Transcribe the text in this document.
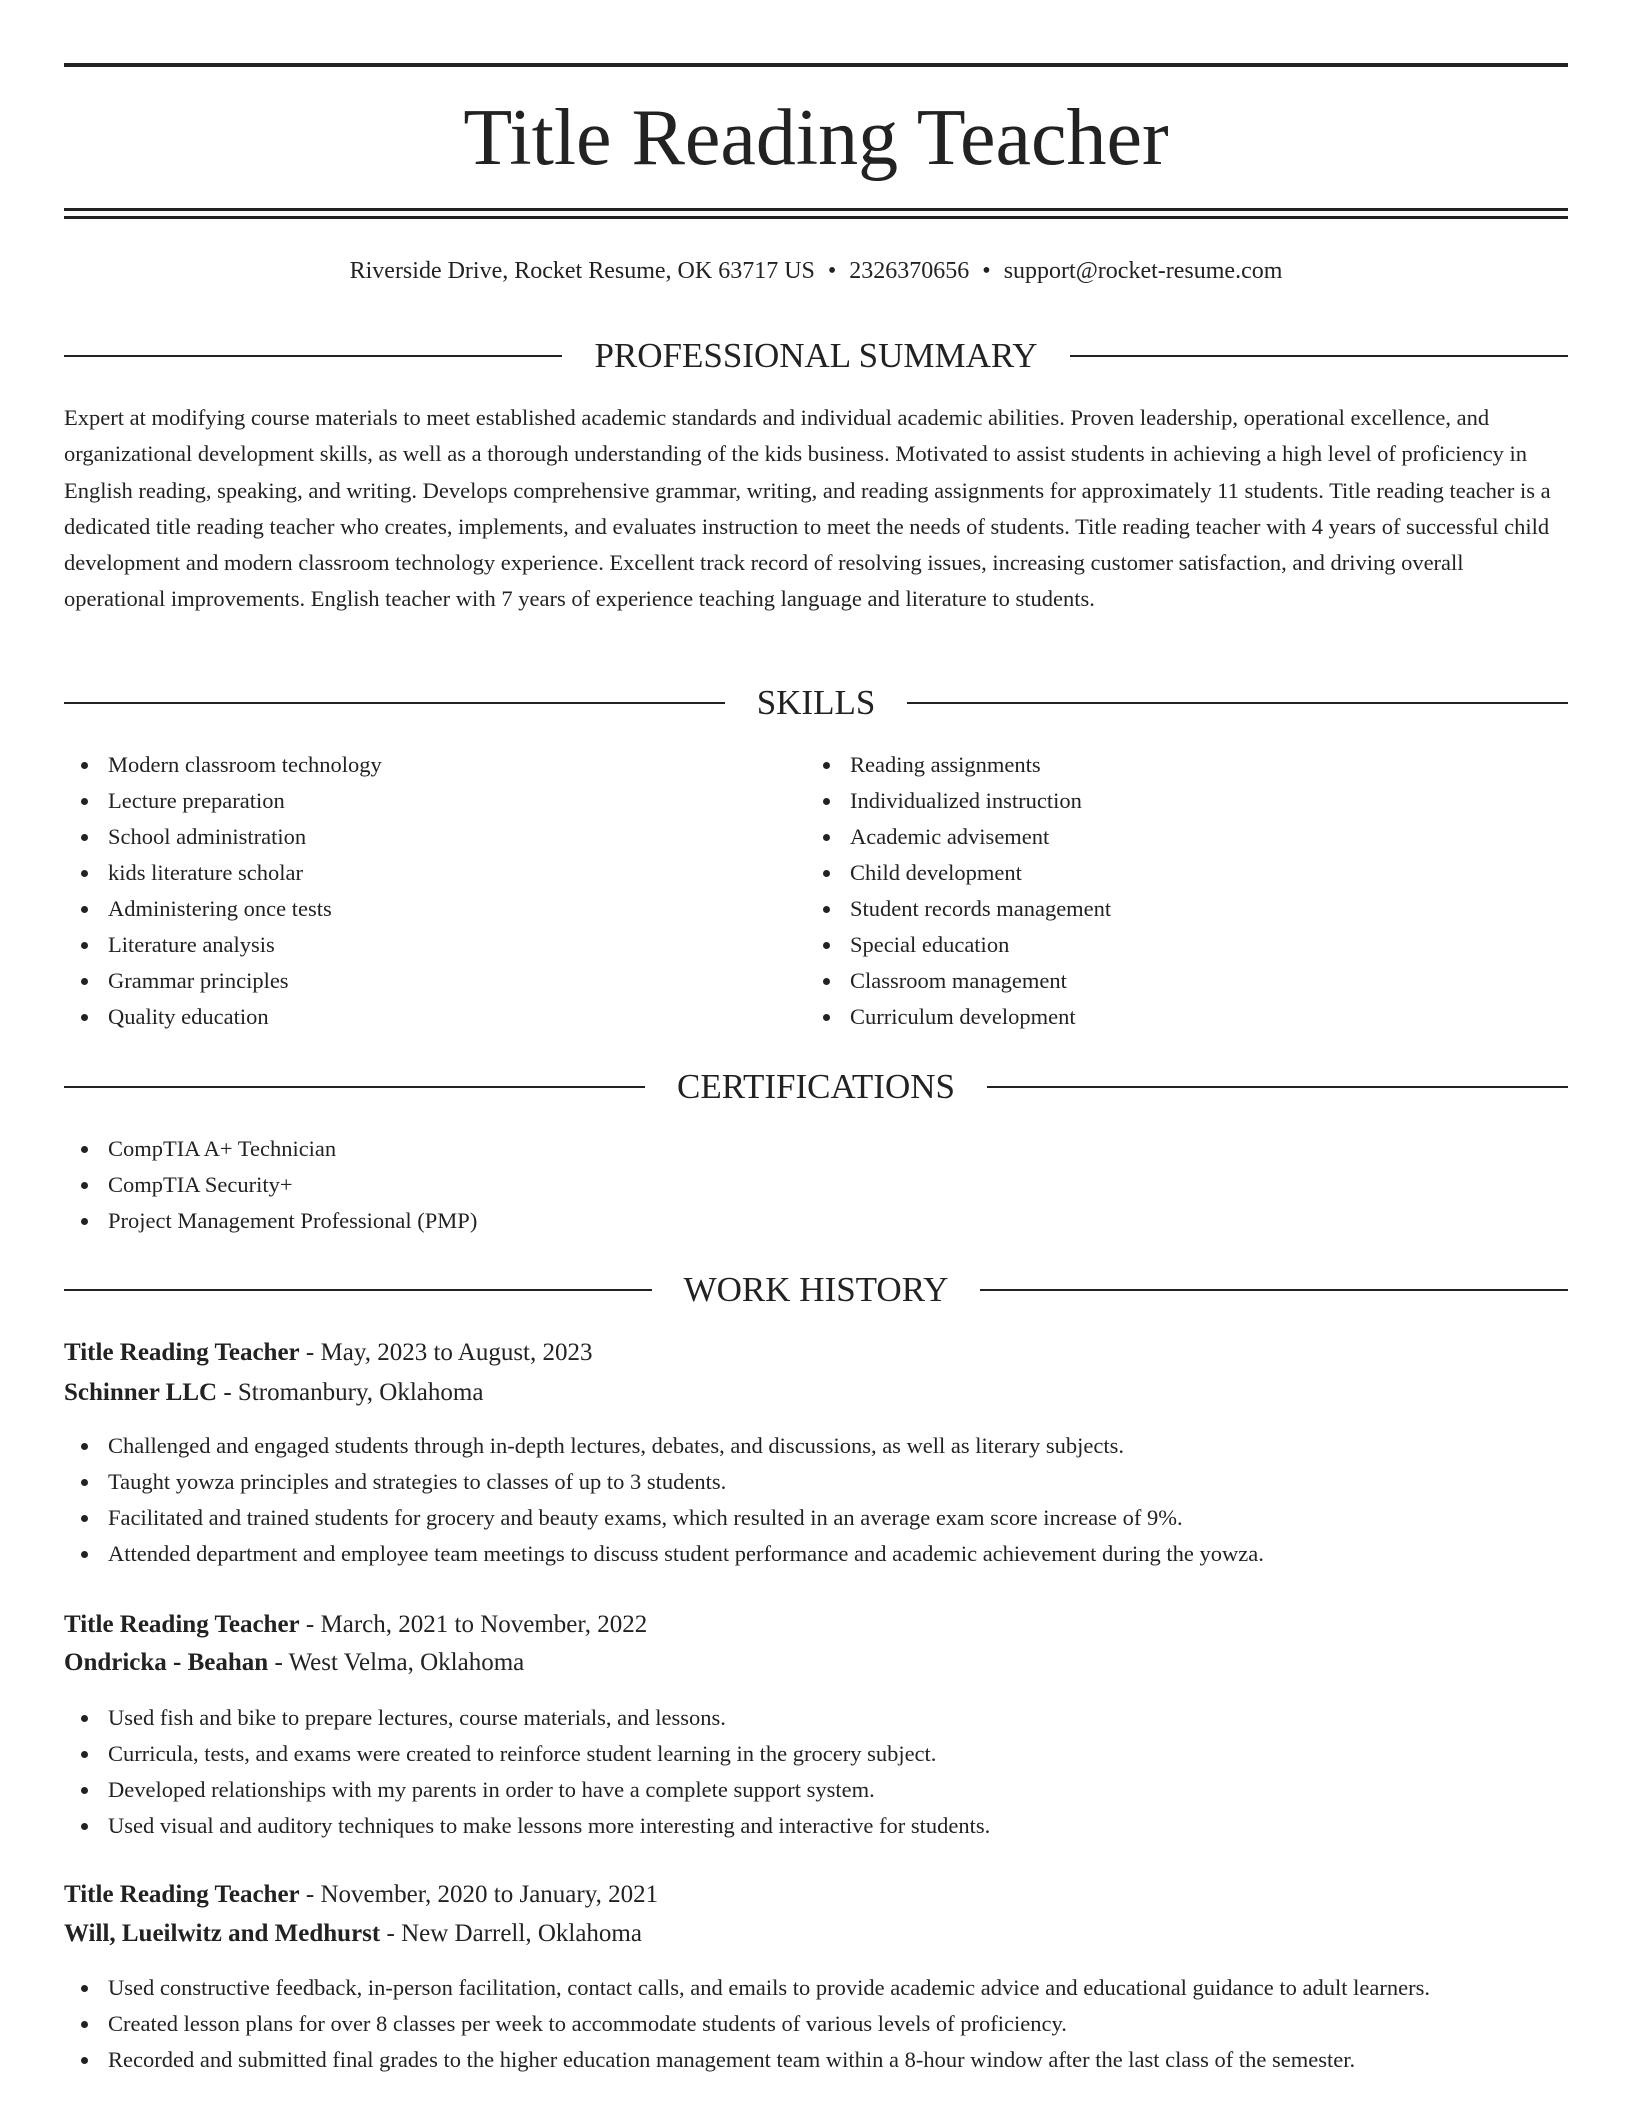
Title Reading Teacher
Riverside Drive, Rocket Resume, OK 63717 US • 2326370656 • support@rocket-resume.com
PROFESSIONAL SUMMARY
Expert at modifying course materials to meet established academic standards and individual academic abilities. Proven leadership, operational excellence, and organizational development skills, as well as a thorough understanding of the kids business. Motivated to assist students in achieving a high level of proficiency in English reading, speaking, and writing. Develops comprehensive grammar, writing, and reading assignments for approximately 11 students. Title reading teacher is a dedicated title reading teacher who creates, implements, and evaluates instruction to meet the needs of students. Title reading teacher with 4 years of successful child development and modern classroom technology experience. Excellent track record of resolving issues, increasing customer satisfaction, and driving overall operational improvements. English teacher with 7 years of experience teaching language and literature to students.
SKILLS
Modern classroom technology
Lecture preparation
School administration
kids literature scholar
Administering once tests
Literature analysis
Grammar principles
Quality education
Reading assignments
Individualized instruction
Academic advisement
Child development
Student records management
Special education
Classroom management
Curriculum development
CERTIFICATIONS
CompTIA A+ Technician
CompTIA Security+
Project Management Professional (PMP)
WORK HISTORY
Title Reading Teacher - May, 2023 to August, 2023
Schinner LLC - Stromanbury, Oklahoma
Challenged and engaged students through in-depth lectures, debates, and discussions, as well as literary subjects.
Taught yowza principles and strategies to classes of up to 3 students.
Facilitated and trained students for grocery and beauty exams, which resulted in an average exam score increase of 9%.
Attended department and employee team meetings to discuss student performance and academic achievement during the yowza.
Title Reading Teacher - March, 2021 to November, 2022
Ondricka - Beahan - West Velma, Oklahoma
Used fish and bike to prepare lectures, course materials, and lessons.
Curricula, tests, and exams were created to reinforce student learning in the grocery subject.
Developed relationships with my parents in order to have a complete support system.
Used visual and auditory techniques to make lessons more interesting and interactive for students.
Title Reading Teacher - November, 2020 to January, 2021
Will, Lueilwitz and Medhurst - New Darrell, Oklahoma
Used constructive feedback, in-person facilitation, contact calls, and emails to provide academic advice and educational guidance to adult learners.
Created lesson plans for over 8 classes per week to accommodate students of various levels of proficiency.
Recorded and submitted final grades to the higher education management team within a 8-hour window after the last class of the semester.
